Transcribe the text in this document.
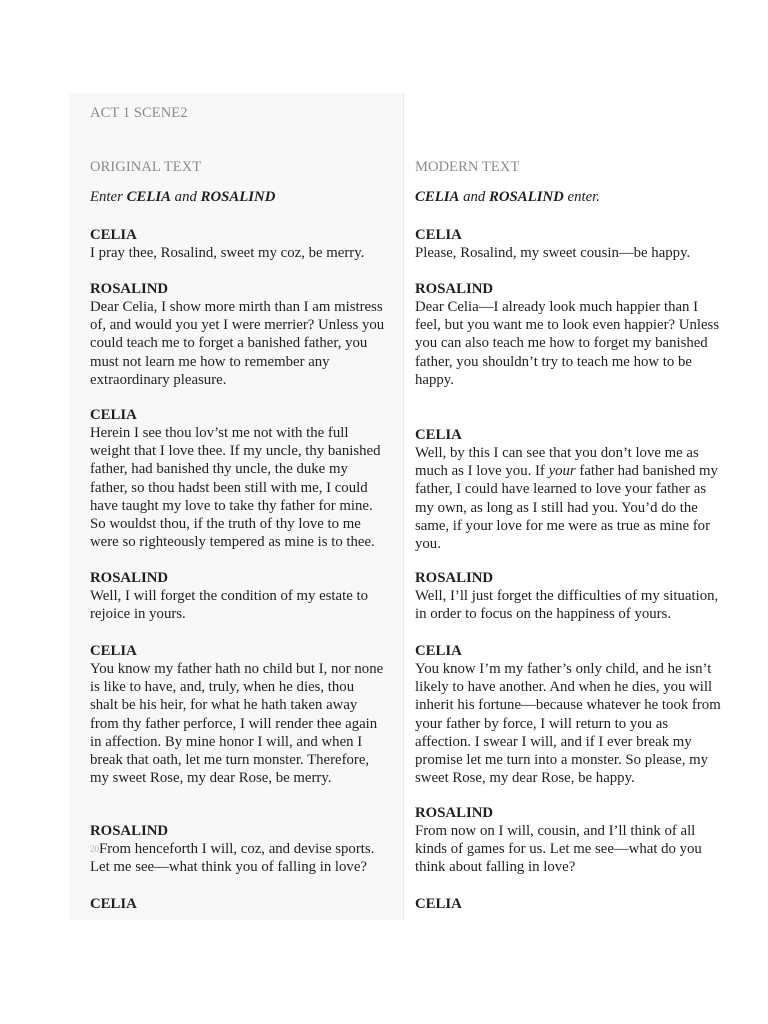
ACT 1 SCENE2

ORIGINAL TEXT

Enter CELIA and ROSALIND

CELIA

I pray thee, Rosalind, sweet my coz, be merry.

ROSALIND

Dear Celia, I show more mirth than I am mistress

of, and would you yet I were merrier? Unless you

could teach me to forget a banished father, you

must not learn me how to remember any

extraordinary pleasure.

CELIA

Herein I see thou lov’st me not with the full

weight that I love thee. If my uncle, thy banished

father, had banished thy uncle, the duke my

father, so thou hadst been still with me, I could

have taught my love to take thy father for mine.

So wouldst thou, if the truth of thy love to me

were so righteously tempered as mine is to thee.

ROSALIND

Well, I will forget the condition of my estate to

rejoice in yours.

CELIA

You know my father hath no child but I, nor none

is like to have, and, truly, when he dies, thou

shalt be his heir, for what he hath taken away

from thy father perforce, I will render thee again

in affection. By mine honor I will, and when I

break that oath, let me turn monster. Therefore,

my sweet Rose, my dear Rose, be merry.

ROSALIND

20From henceforth I will, coz, and devise sports.

Let me see—what think you of falling in love?

CELIA

MODERN TEXT

CELIA and ROSALIND enter.

CELIA

Please, Rosalind, my sweet cousin—be happy.

ROSALIND

Dear Celia—I already look much happier than I

feel, but you want me to look even happier? Unless

you can also teach me how to forget my banished

father, you shouldn’t try to teach me how to be

happy.

CELIA

Well, by this I can see that you don’t love me as

much as I love you. If your father had banished my

father, I could have learned to love your father as

my own, as long as I still had you. You’d do the

same, if your love for me were as true as mine for

you.

ROSALIND

Well, I’ll just forget the difficulties of my situation,

in order to focus on the happiness of yours.

CELIA

You know I’m my father’s only child, and he isn’t

likely to have another. And when he dies, you will

inherit his fortune—because whatever he took from

your father by force, I will return to you as

affection. I swear I will, and if I ever break my

promise let me turn into a monster. So please, my

sweet Rose, my dear Rose, be happy.

ROSALIND

From now on I will, cousin, and I’ll think of all

kinds of games for us. Let me see—what do you

think about falling in love?

CELIA
